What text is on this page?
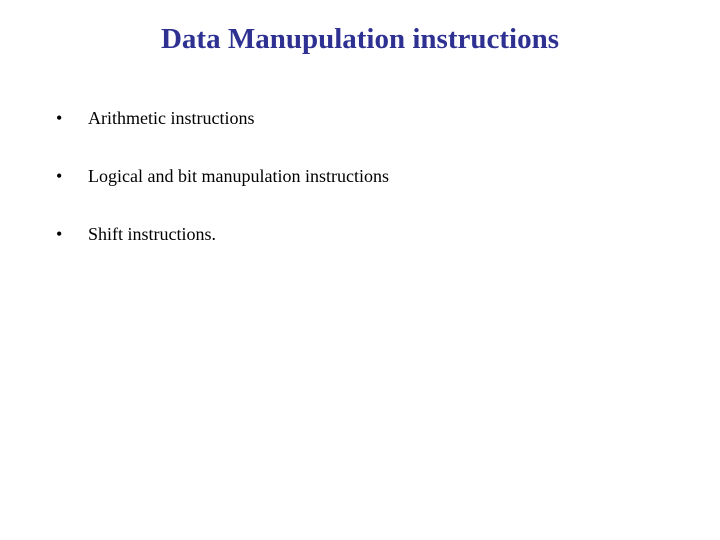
Data Manupulation instructions
•	Arithmetic instructions
•	Logical and bit manupulation instructions
•	Shift instructions.
